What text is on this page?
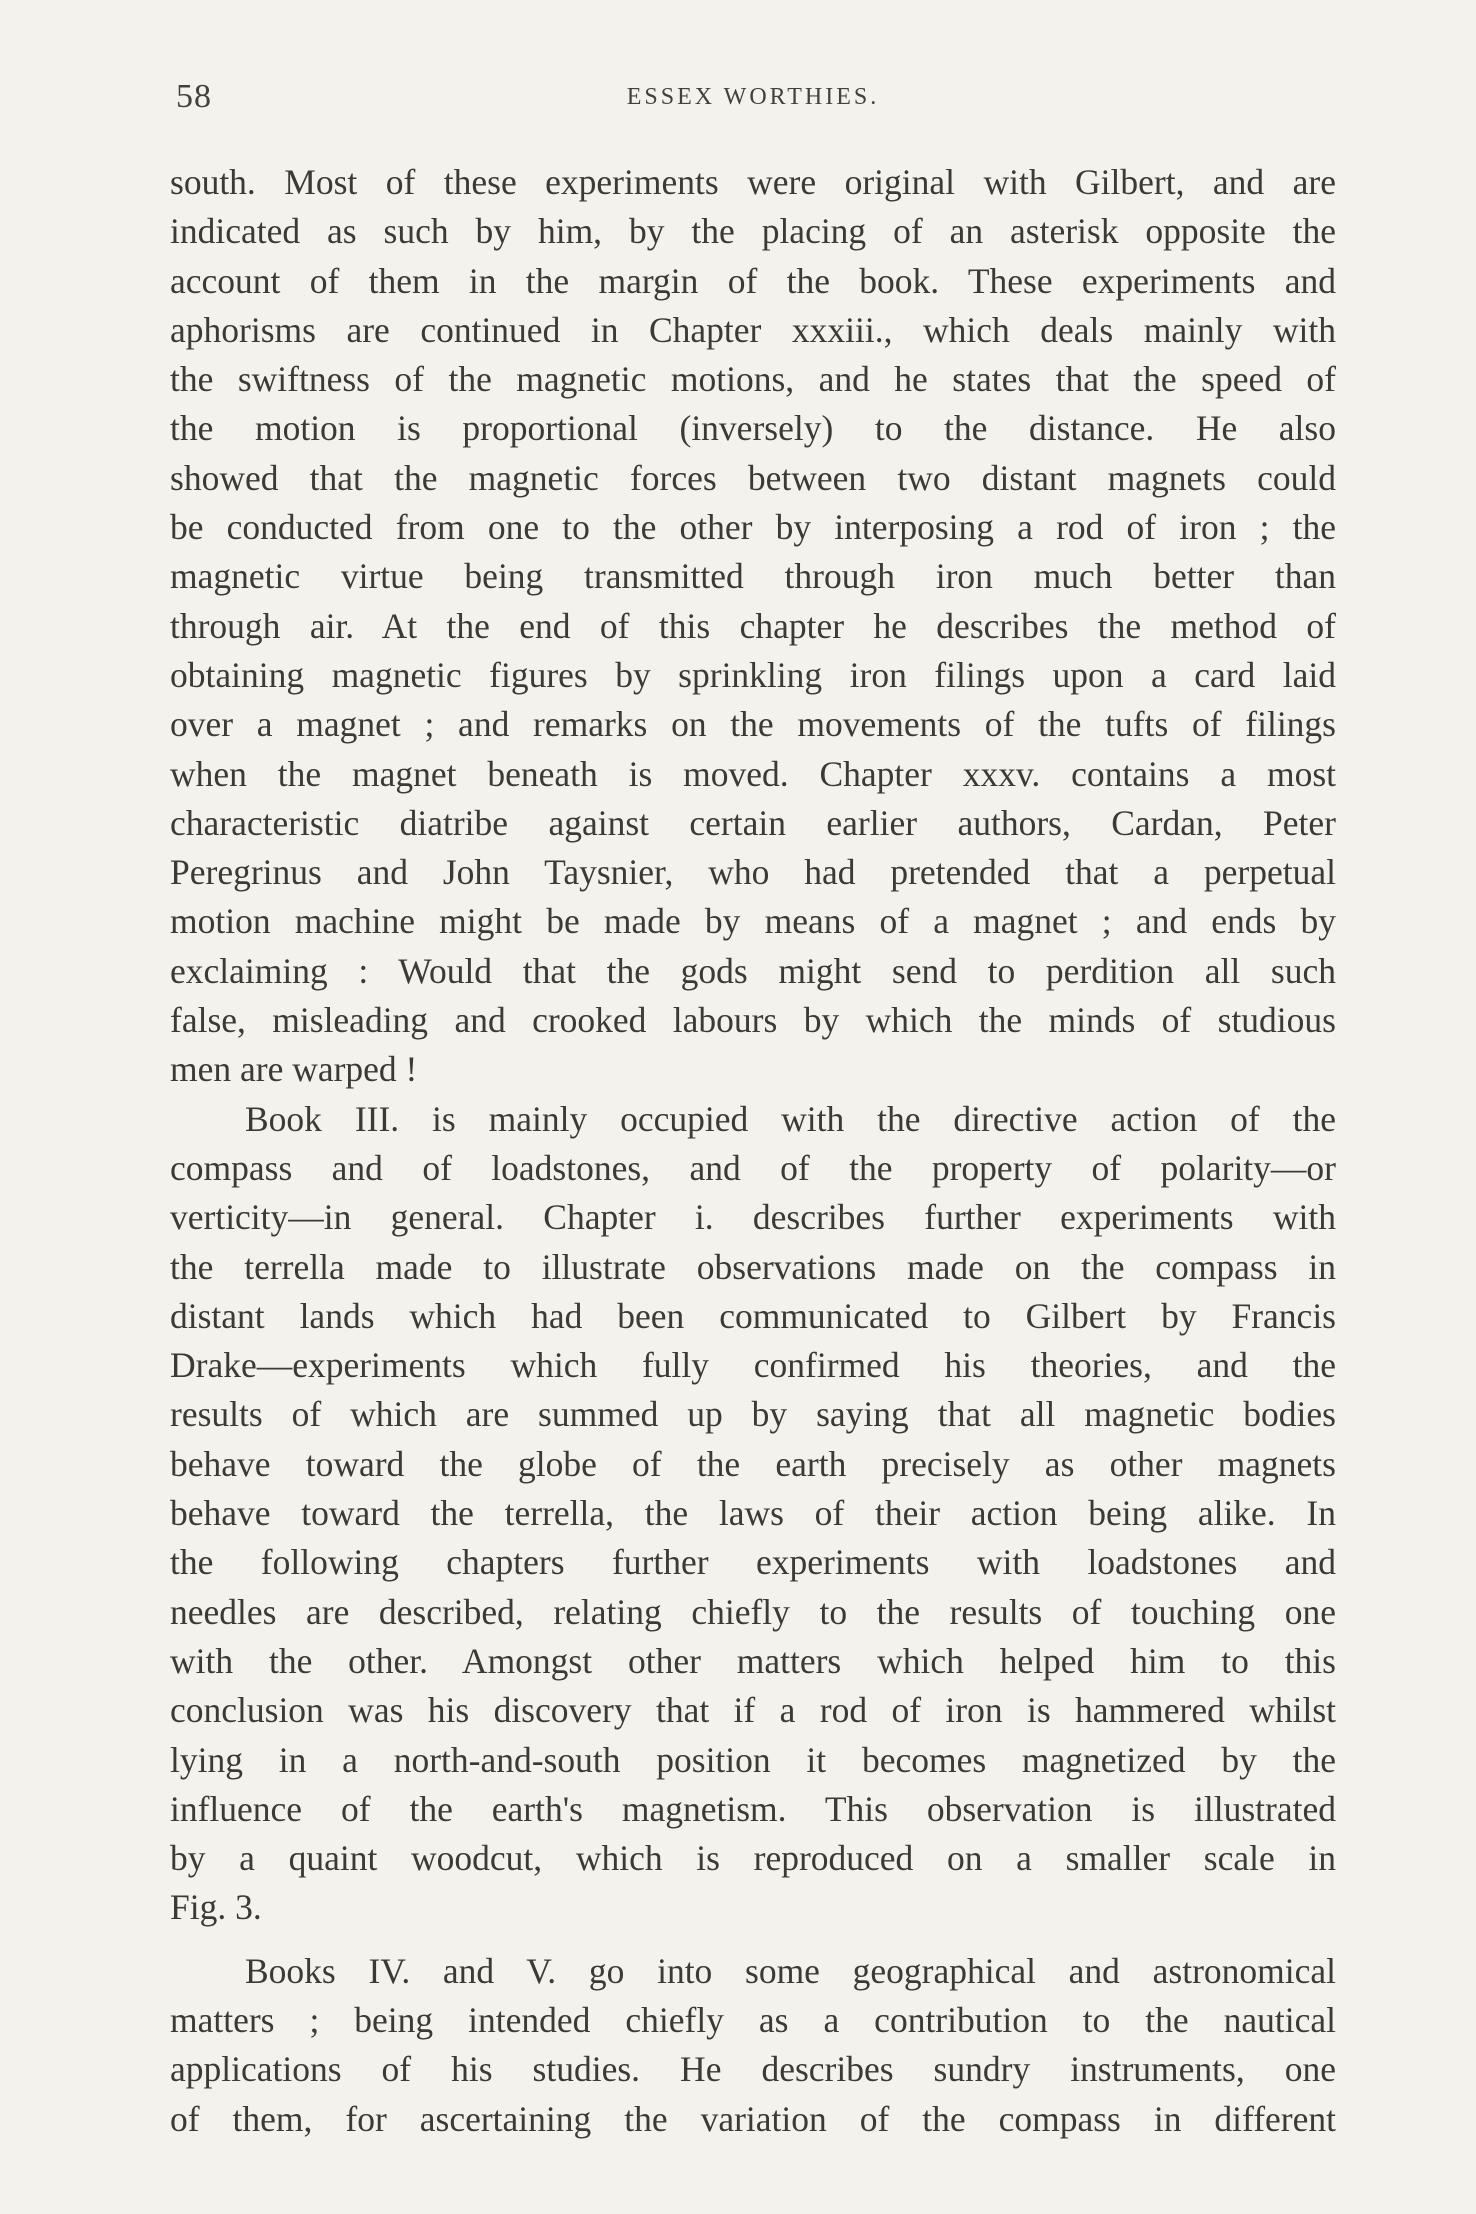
58	ESSEX WORTHIES.

south. Most of these experiments were original with Gilbert, and are
indicated as such by him, by the placing of an asterisk opposite the
account of them in the margin of the book. These experiments and
aphorisms are continued in Chapter xxxiii., which deals mainly with
the swiftness of the magnetic motions, and he states that the speed of
the motion is proportional (inversely) to the distance. He also
showed that the magnetic forces between two distant magnets could
be conducted from one to the other by interposing a rod of iron ; the
magnetic virtue being transmitted through iron much better than
through air. At the end of this chapter he describes the method of
obtaining magnetic figures by sprinkling iron filings upon a card laid
over a magnet ; and remarks on the movements of the tufts of filings
when the magnet beneath is moved. Chapter xxxv. contains a most
characteristic diatribe against certain earlier authors, Cardan, Peter
Peregrinus and John Taysnier, who had pretended that a perpetual
motion machine might be made by means of a magnet ; and ends by
exclaiming : Would that the gods might send to perdition all such
false, misleading and crooked labours by which the minds of studious
men are warped !

Book III. is mainly occupied with the directive action of the
compass and of loadstones, and of the property of polarity—or
verticity—in general. Chapter i. describes further experiments with
the terrella made to illustrate observations made on the compass in
distant lands which had been communicated to Gilbert by Francis
Drake—experiments which fully confirmed his theories, and the
results of which are summed up by saying that all magnetic bodies
behave toward the globe of the earth precisely as other magnets
behave toward the terrella, the laws of their action being alike. In
the following chapters further experiments with loadstones and
needles are described, relating chiefly to the results of touching one
with the other. Amongst other matters which helped him to this
conclusion was his discovery that if a rod of iron is hammered whilst
lying in a north-and-south position it becomes magnetized by the
influence of the earth's magnetism. This observation is illustrated
by a quaint woodcut, which is reproduced on a smaller scale in
Fig. 3.

Books IV. and V. go into some geographical and astronomical
matters ; being intended chiefly as a contribution to the nautical
applications of his studies. He describes sundry instruments, one
of them, for ascertaining the variation of the compass in different
